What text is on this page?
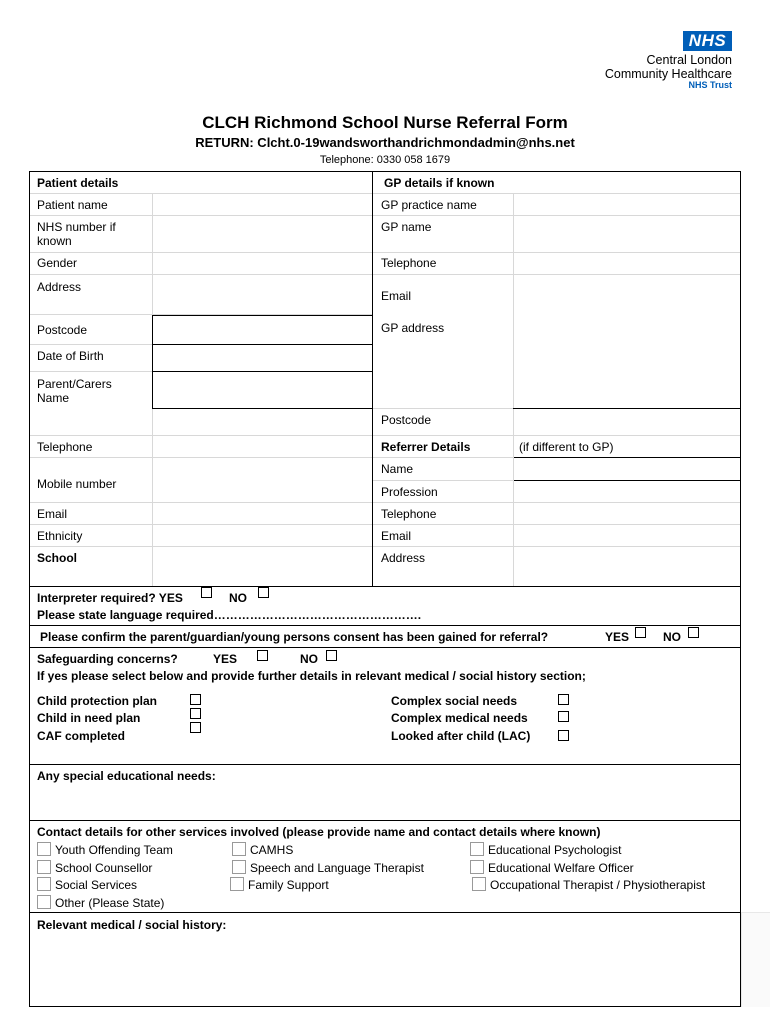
NHS
Central London
Community Healthcare
NHS Trust
CLCH Richmond School Nurse Referral Form
RETURN: Clcht.0-19wandsworthandrichmondadmin@nhs.net
Telephone: 0330 058 1679
Patient details
Patient name
NHS number if known
Gender
Address
Postcode
Date of Birth
Parent/Carers Name
Telephone
Mobile number
Email
Ethnicity
School
GP details if known
GP practice name
GP name
Telephone
Email
GP address
Postcode
Referrer Details	(if different to GP)
Name
Profession
Telephone
Email
Address
Interpreter required? YES	NO
Please state language required…………………………………………….
Please confirm the parent/guardian/young persons consent has been gained for referral?	YES	NO
Safeguarding concerns?	YES	NO
If yes please select below and provide further details in relevant medical / social history section;
Child protection plan
Child in need plan
CAF completed
Complex social needs
Complex medical needs
Looked after child (LAC)
Any special educational needs:
Contact details for other services involved (please provide name and contact details where known)
Youth Offending Team
School Counsellor
Social Services
Other (Please State)
CAMHS
Speech and Language Therapist
Family Support
Educational Psychologist
Educational Welfare Officer
Occupational Therapist / Physiotherapist
Relevant medical / social history:
